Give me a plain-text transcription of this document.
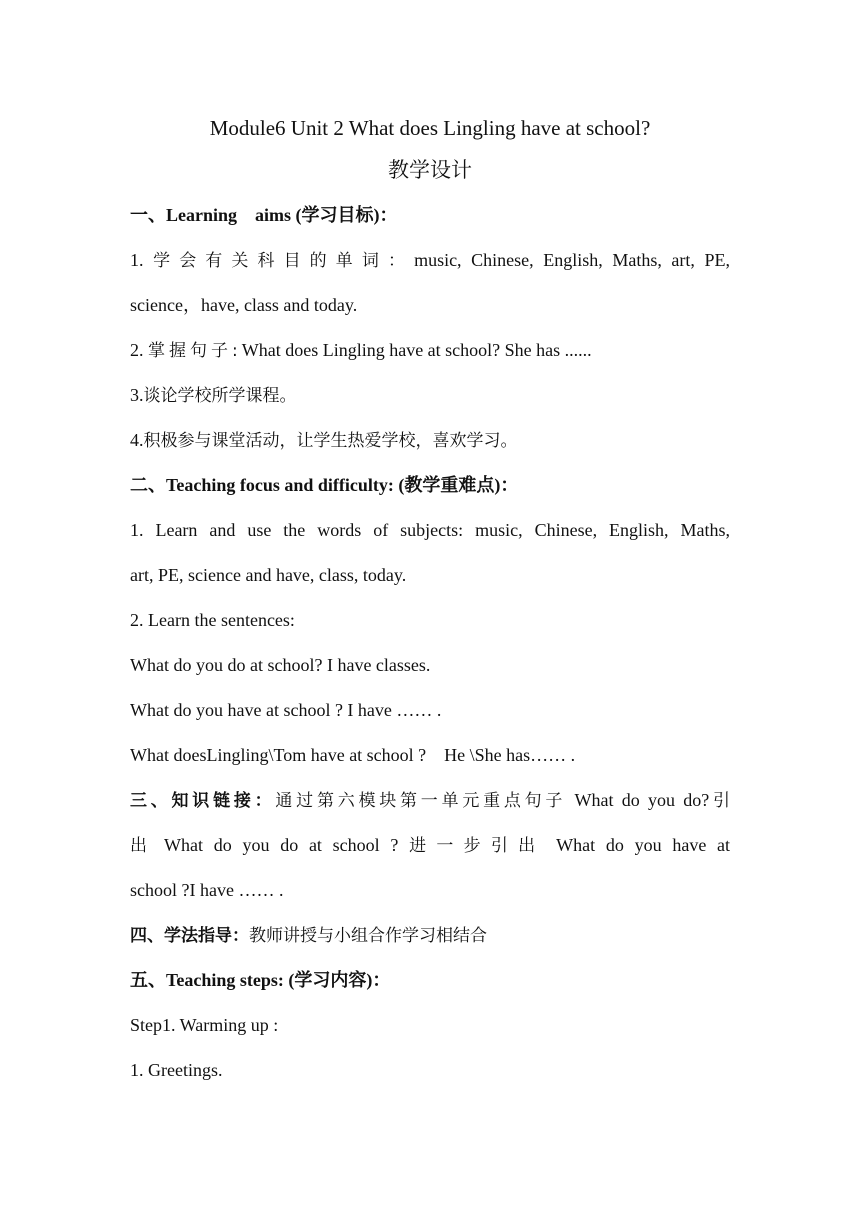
Module6 Unit 2 What does Lingling have at school?

教学设计

一、Learning　aims (学习目标)：

1. 学会有关科目的单词：music, Chinese, English, Maths, art, PE,

science，have, class and today.

2. 掌握句子:What does Lingling have at school? She has ......

3.谈论学校所学课程。

4.积极参与课堂活动，让学生热爱学校，喜欢学习。

二、Teaching focus and difficulty: (教学重难点)：

1. Learn and use the words of subjects: music, Chinese, English, Maths,

art, PE, science and have, class, today.

2. Learn the sentences:

What do you do at school? I have classes.

What do you have at school ? I have …… .

What doesLingling\Tom have at school ?　He \She has…… .

三、知识链接：通过第六模块第一单元重点句子 What do you do?引

出 What do you do at school ? 进一步引出 What do you have at

school ?I have …… .

四、学法指导：教师讲授与小组合作学习相结合

五、Teaching steps: (学习内容)：

Step1. Warming up :

1. Greetings.
